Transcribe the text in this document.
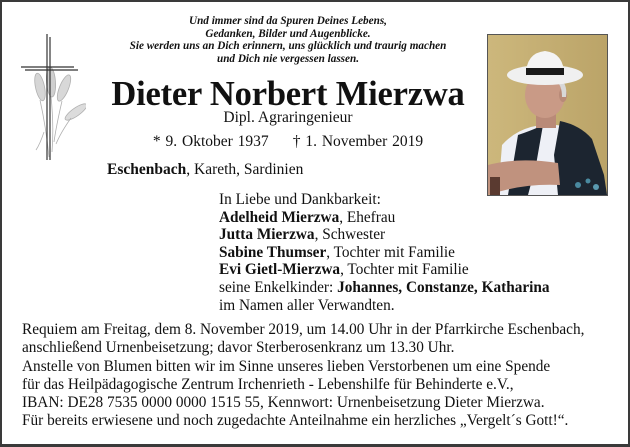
Und immer sind da Spuren Deines Lebens,
Gedanken, Bilder und Augenblicke.
Sie werden uns an Dich erinnern, uns glücklich und traurig machen
und Dich nie vergessen lassen.
Dieter Norbert Mierzwa
Dipl. Agraringenieur
* 9. Oktober 1937 † 1. November 2019
Eschenbach, Kareth, Sardinien
In Liebe und Dankbarkeit:
Adelheid Mierzwa, Ehefrau
Jutta Mierzwa, Schwester
Sabine Thumser, Tochter mit Familie
Evi Gietl-Mierzwa, Tochter mit Familie
seine Enkelkinder: Johannes, Constanze, Katharina
im Namen aller Verwandten.
Requiem am Freitag, dem 8. November 2019, um 14.00 Uhr in der Pfarrkirche Eschenbach,
anschließend Urnenbeisetzung; davor Sterberosenkranz um 13.30 Uhr.
Anstelle von Blumen bitten wir im Sinne unseres lieben Verstorbenen um eine Spende
für das Heilpädagogische Zentrum Irchenrieth - Lebenshilfe für Behinderte e.V.,
IBAN: DE28 7535 0000 0000 1515 55, Kennwort: Urnenbeisetzung Dieter Mierzwa.
Für bereits erwiesene und noch zugedachte Anteilnahme ein herzliches „Vergelt´s Gott!“.
